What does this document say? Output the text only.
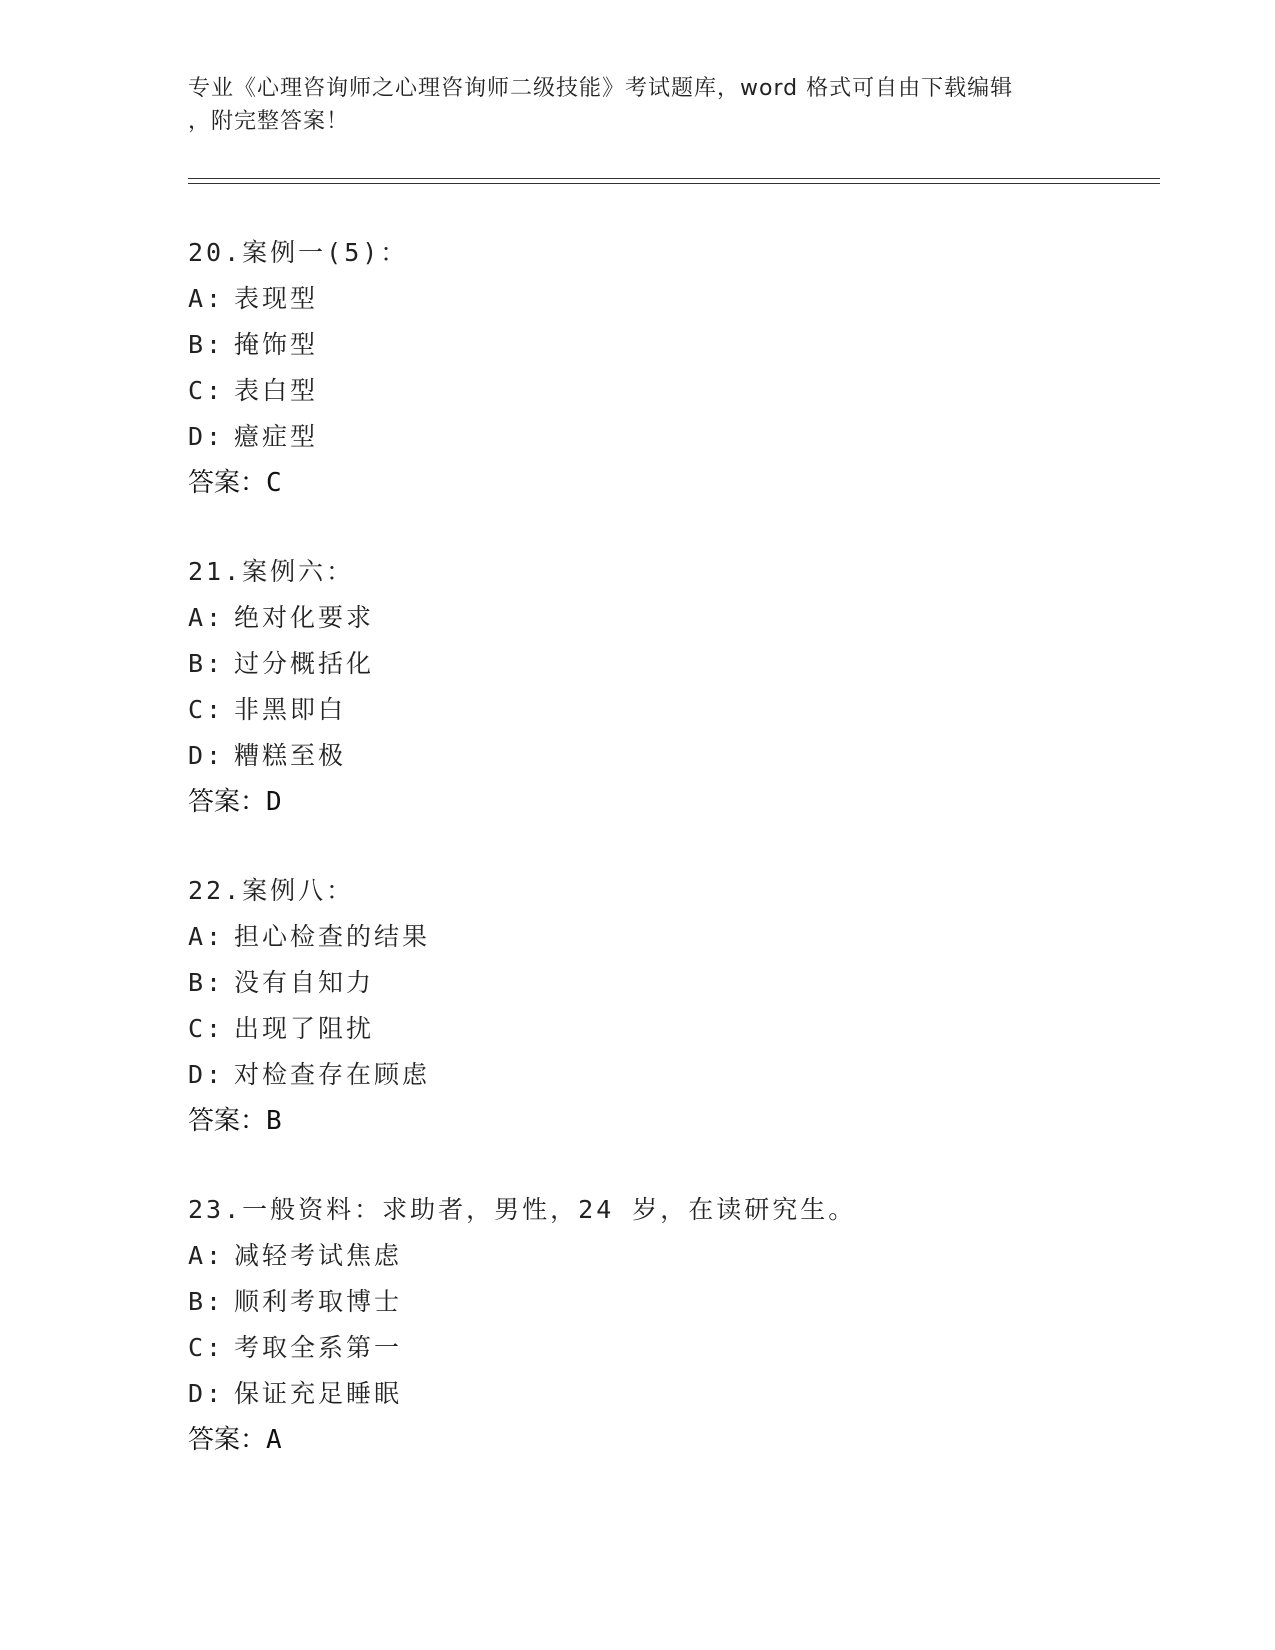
专业《心理咨询师之心理咨询师二级技能》考试题库，word 格式可自由下载编辑
，附完整答案！
20.案例一(5)：
A: 表现型
B: 掩饰型
C: 表白型
D: 癔症型
答案：C
21.案例六：
A: 绝对化要求
B: 过分概括化
C: 非黑即白
D: 糟糕至极
答案：D
22.案例八：
A: 担心检查的结果
B: 没有自知力
C: 出现了阻扰
D: 对检查存在顾虑
答案：B
23.一般资料：求助者，男性，24 岁，在读研究生。
A: 减轻考试焦虑
B: 顺利考取博士
C: 考取全系第一
D: 保证充足睡眠
答案：A
